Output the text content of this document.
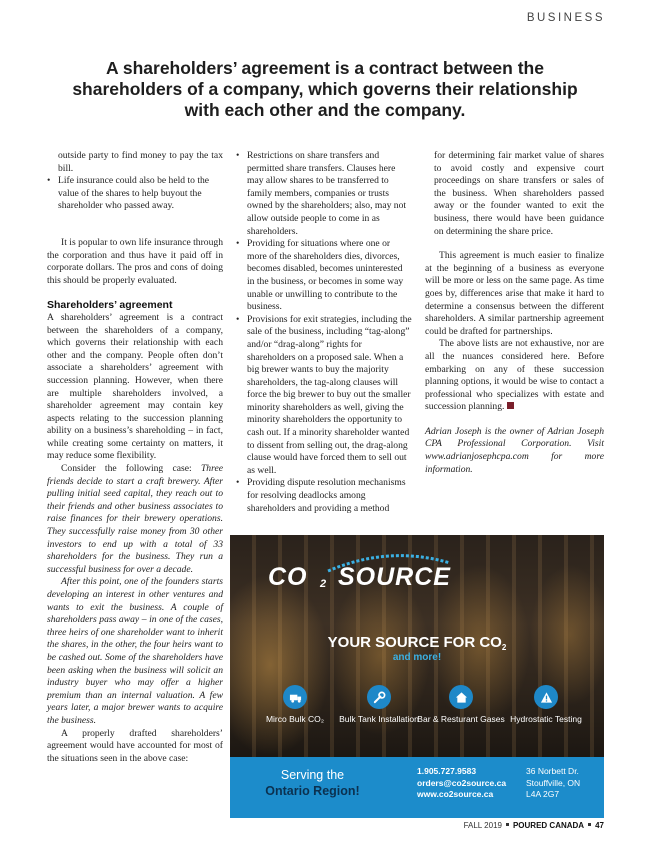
BUSINESS
A shareholders’ agreement is a contract between the shareholders of a company, which governs their relationship with each other and the company.

outside party to find money to pay the tax bill.

• Life insurance could also be held to the value of the shares to help buyout the shareholder who passed away.

It is popular to own life insurance through the corporation and thus have it paid off in corporate dollars. The pros and cons of doing this should be properly evaluated.

Shareholders’ agreement

A shareholders’ agreement is a contract between the shareholders of a company, which governs their relationship with each other and the company. People often don’t associate a shareholders’ agreement with succession planning. However, when there are multiple shareholders involved, a shareholder agreement may contain key aspects relating to the succession planning ability on a business’s shareholding – in fact, while creating some certainty on matters, it may reduce some flexibility.

Consider the following case: Three friends decide to start a craft brewery. After pulling initial seed capital, they reach out to their friends and other business associates to raise finances for their brewery operations. They successfully raise money from 30 other investors to end up with a total of 33 shareholders for the business. They run a successful business for over a decade.

After this point, one of the founders starts developing an interest in other ventures and wants to exit the business. A couple of shareholders pass away – in one of the cases, three heirs of one shareholder want to inherit the shares, in the other, the four heirs want to be cashed out. Some of the shareholders have been asking when the business will solicit an industry buyer who may offer a higher premium than an internal valuation. A few years later, a major brewer wants to acquire the business.

A properly drafted shareholders’ agreement would have accounted for most of the situations seen in the above case:

• Restrictions on share transfers and permitted share transfers. Clauses here may allow shares to be transferred to family members, companies or trusts owned by the shareholders; also, may not allow outside people to come in as shareholders.
• Providing for situations where one or more of the shareholders dies, divorces, becomes disabled, becomes uninterested in the business, or becomes in some way unable or unwilling to contribute to the business.
• Provisions for exit strategies, including the sale of the business, including “tag-along” and/or “drag-along” rights for shareholders on a proposed sale. When a big brewer wants to buy the majority shareholders, the tag-along clauses will force the big brewer to buy out the smaller minority shareholders as well, giving the minority shareholders the opportunity to cash out. If a minority shareholder wanted to dissent from selling out, the drag-along clause would have forced them to sell out as well.
• Providing dispute resolution mechanisms for resolving deadlocks among shareholders and providing a method

for determining fair market value of shares to avoid costly and expensive court proceedings on share transfers or sales of the business. When shareholders passed away or the founder wanted to exit the business, there would have been guidance on determining the share price.

This agreement is much easier to finalize at the beginning of a business as everyone will be more or less on the same page. As time goes by, differences arise that make it hard to determine a consensus between the different shareholders. A similar partnership agreement could be drafted for partnerships.

The above lists are not exhaustive, nor are all the nuances considered here. Before embarking on any of these succession planning options, it would be wise to contact a professional who specializes with estate and succession planning.

Adrian Joseph is the owner of Adrian Joseph CPA Professional Corporation. Visit www.adrianjosephcpa.com for more information.

CO 2 SOURCE
YOUR SOURCE FOR $CO_2$
and more!
Mirco Bulk CO₂	Bulk Tank Installation
Bar & Resturant Gases Hydrostatic Testing
Serving the
Ontario Region!
1.905.727.9583
orders@co2source.ca
www.co2source.ca
36 Norbett Dr.
Stouffville, ON
L4A 2G7
FALL 2019 POURED CANADA 47
